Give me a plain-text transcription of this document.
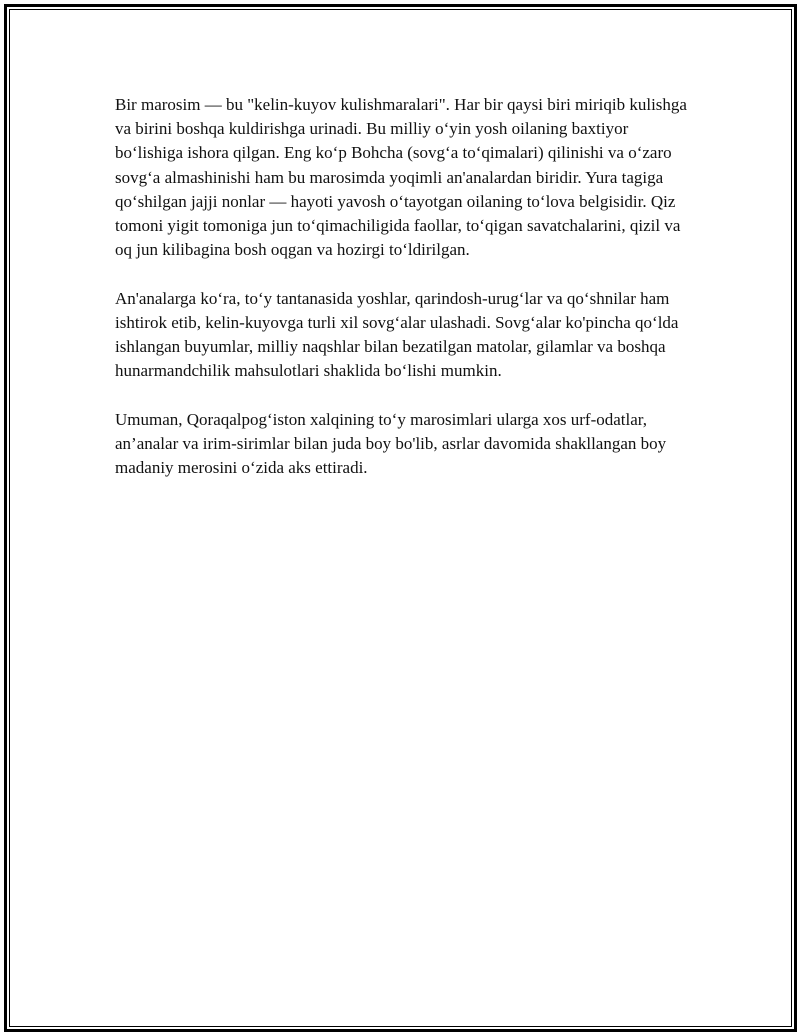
Bir marosim — bu "kelin-kuyov kulishmaralari". Har bir qaysi biri miriqib kulishga va birini boshqa kuldirishga urinadi. Bu milliy o‘yin yosh oilaning baxtiyor bo‘lishiga ishora qilgan. Eng ko‘p Bohcha (sovg‘a to‘qimalari) qilinishi va o‘zaro sovg‘a almashinishi ham bu marosimda yoqimli an'analardan biridir. Yura tagiga qo‘shilgan jajji nonlar — hayoti yavosh o‘tayotgan oilaning to‘lova belgisidir. Qiz tomoni yigit tomoniga jun to‘qimachiligida faollar, to‘qigan savatchalarini, qizil va oq jun kilibagina bosh oqgan va hozirgi to‘ldirilgan.

An'analarga ko‘ra, to‘y tantanasida yoshlar, qarindosh-urug‘lar va qo‘shnilar ham ishtirok etib, kelin-kuyovga turli xil sovg‘alar ulashadi. Sovg‘alar ko'pincha qo‘lda ishlangan buyumlar, milliy naqshlar bilan bezatilgan matolar, gilamlar va boshqa hunarmandchilik mahsulotlari shaklida bo‘lishi mumkin.

Umuman, Qoraqalpog‘iston xalqining to‘y marosimlari ularga xos urf-odatlar, an’analar va irim-sirimlar bilan juda boy bo'lib, asrlar davomida shakllangan boy madaniy merosini o‘zida aks ettiradi.
